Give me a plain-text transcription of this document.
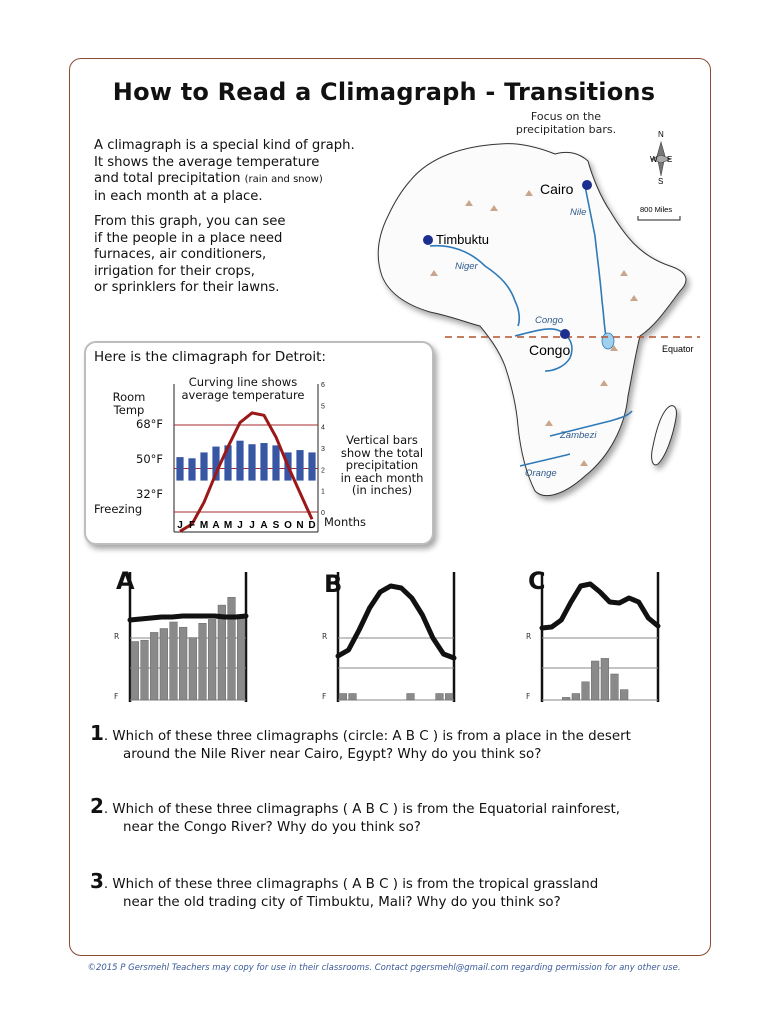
How to Read a Climagraph - Transitions

A climagraph is a special kind of graph.
It shows the average temperature
and total precipitation (rain and snow)
in each month at a place.

From this graph, you can see
if the people in a place need
furnaces, air conditioners,
irrigation for their crops,
or sprinklers for their lawns.

Focus on the
precipitation bars.
Equator
Cairo
Timbuktu
Congo
Nile
Niger
Congo
Zambezi
Orange
N
W E
S
800 Miles
Here is the climagraph for Detroit:
Room
Temp
68°F
50°F
32°F
Freezing
Curving line shows
average temperature
Vertical bars
show the total
precipitation
in each month
(in inches)
Months
6
5
4
3
2
1
0
J F M A M J J A S O N D
A	B	C
R
F
R
F
R
F
1. Which of these three climagraphs (circle: A B C ) is from a place in the desert
around the Nile River near Cairo, Egypt? Why do you think so?
2. Which of these three climagraphs ( A B C ) is from the Equatorial rainforest,
near the Congo River? Why do you think so?
3. Which of these three climagraphs ( A B C ) is from the tropical grassland
near the old trading city of Timbuktu, Mali? Why do you think so?
©2015 P Gersmehl Teachers may copy for use in their classrooms. Contact pgersmehl@gmail.com regarding permission for any other use.
